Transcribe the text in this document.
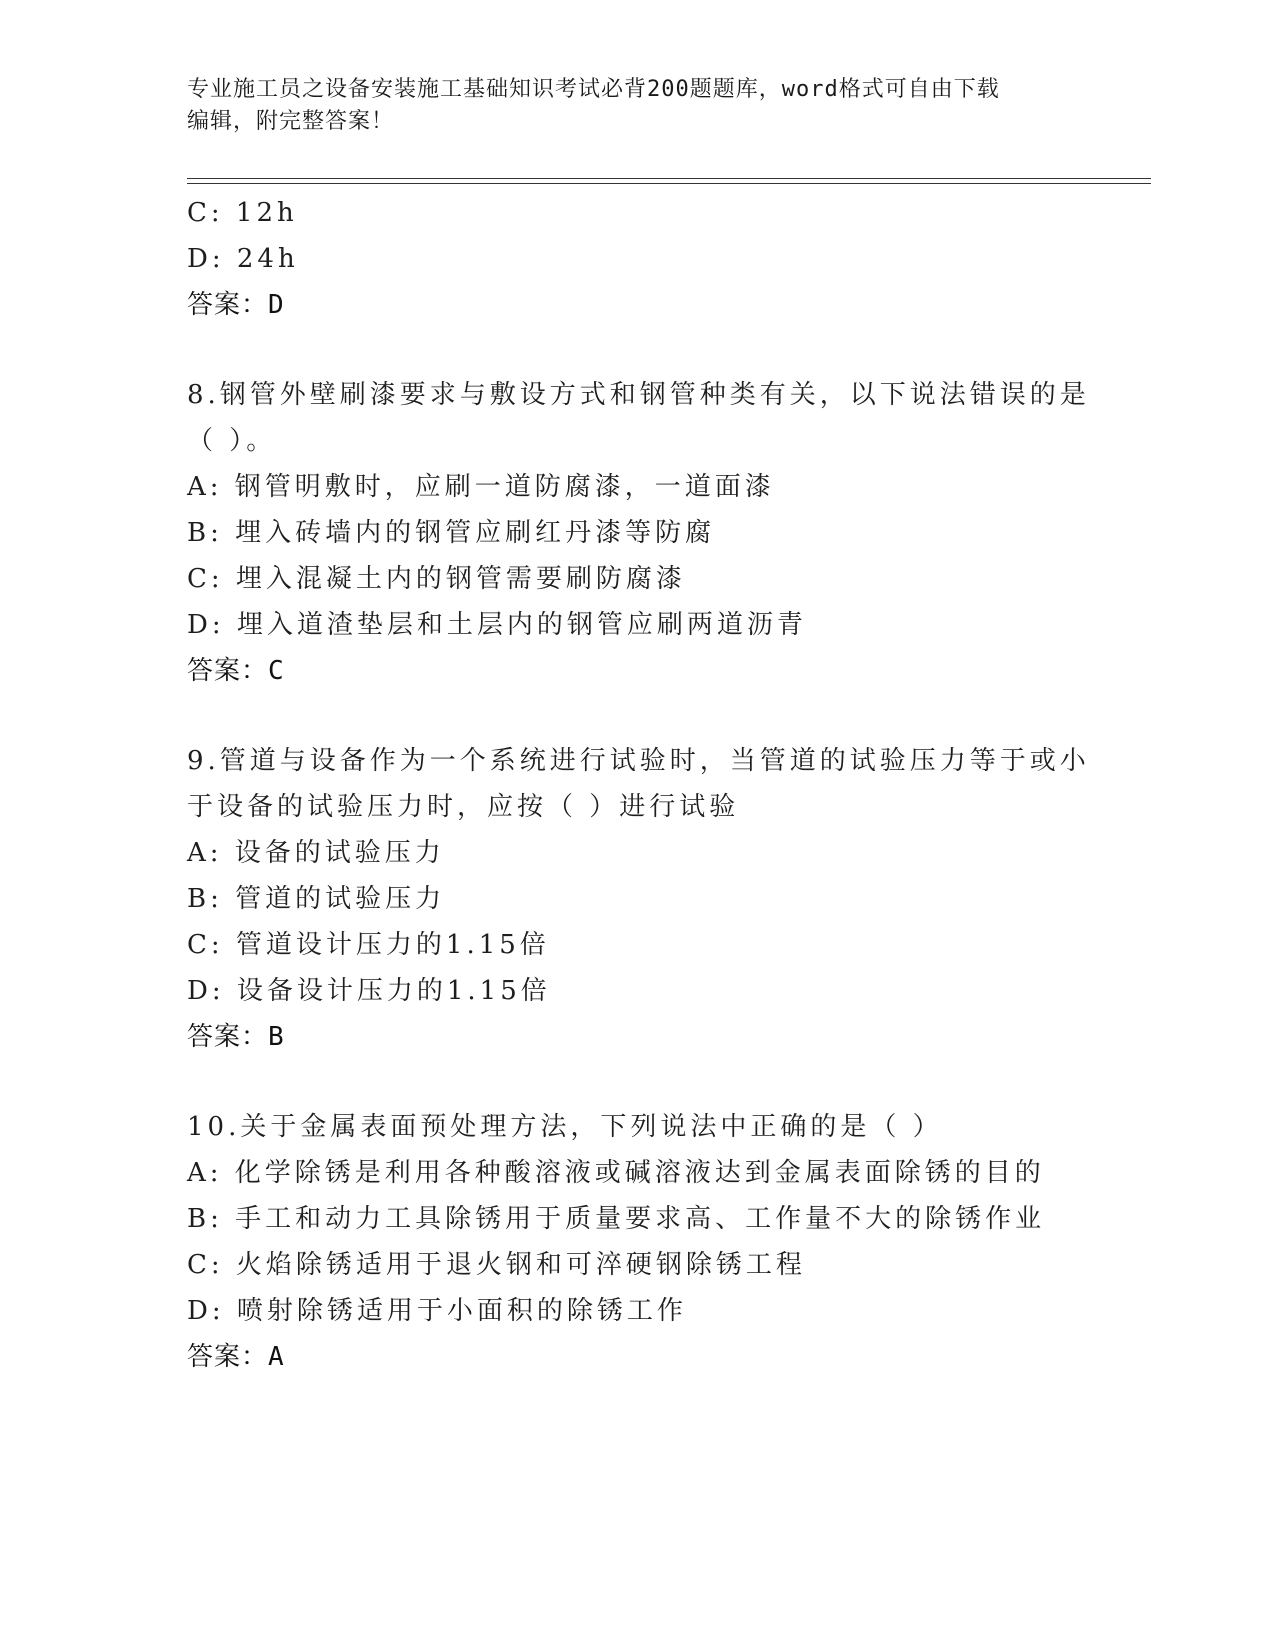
专业施工员之设备安装施工基础知识考试必背200题题库，word格式可自由下载
编辑，附完整答案！
C: 12h
D: 24h
答案：D
8.钢管外壁刷漆要求与敷设方式和钢管种类有关，以下说法错误的是
（ ）。
A: 钢管明敷时，应刷一道防腐漆，一道面漆
B: 埋入砖墙内的钢管应刷红丹漆等防腐
C: 埋入混凝土内的钢管需要刷防腐漆
D: 埋入道渣垫层和土层内的钢管应刷两道沥青
答案：C
9.管道与设备作为一个系统进行试验时，当管道的试验压力等于或小
于设备的试验压力时，应按（ ）进行试验
A: 设备的试验压力
B: 管道的试验压力
C: 管道设计压力的1.15倍
D: 设备设计压力的1.15倍
答案：B
10.关于金属表面预处理方法，下列说法中正确的是（ ）
A: 化学除锈是利用各种酸溶液或碱溶液达到金属表面除锈的目的
B: 手工和动力工具除锈用于质量要求高、工作量不大的除锈作业
C: 火焰除锈适用于退火钢和可淬硬钢除锈工程
D: 喷射除锈适用于小面积的除锈工作
答案：A
